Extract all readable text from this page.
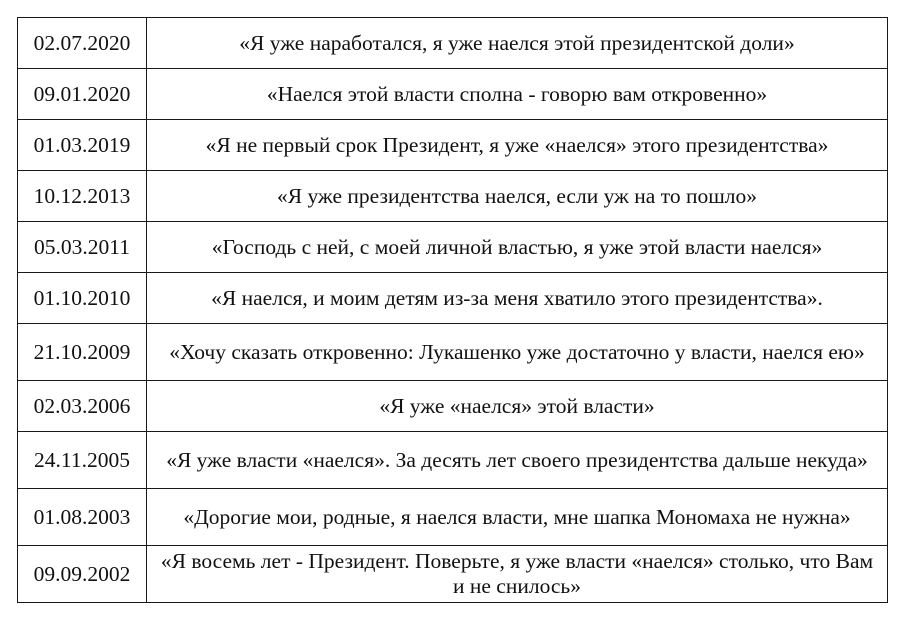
02.07.2020	«Я уже наработался, я уже наелся этой президентской доли»
09.01.2020	«Наелся этой власти сполна - говорю вам откровенно»
01.03.2019	«Я не первый срок Президент, я уже «наелся» этого президентства»
10.12.2013	«Я уже президентства наелся, если уж на то пошло»
05.03.2011	«Господь с ней, с моей личной властью, я уже этой власти наелся»
01.10.2010	«Я наелся, и моим детям из-за меня хватило этого президентства».
21.10.2009	«Хочу сказать откровенно: Лукашенко уже достаточно у власти, наелся ею»
02.03.2006	«Я уже «наелся» этой власти»
24.11.2005	«Я уже власти «наелся». За десять лет своего президентства дальше некуда»
01.08.2003	«Дорогие мои, родные, я наелся власти, мне шапка Мономаха не нужна»
09.09.2002	«Я восемь лет - Президент. Поверьте, я уже власти «наелся» столько, что Вам и не снилось»
